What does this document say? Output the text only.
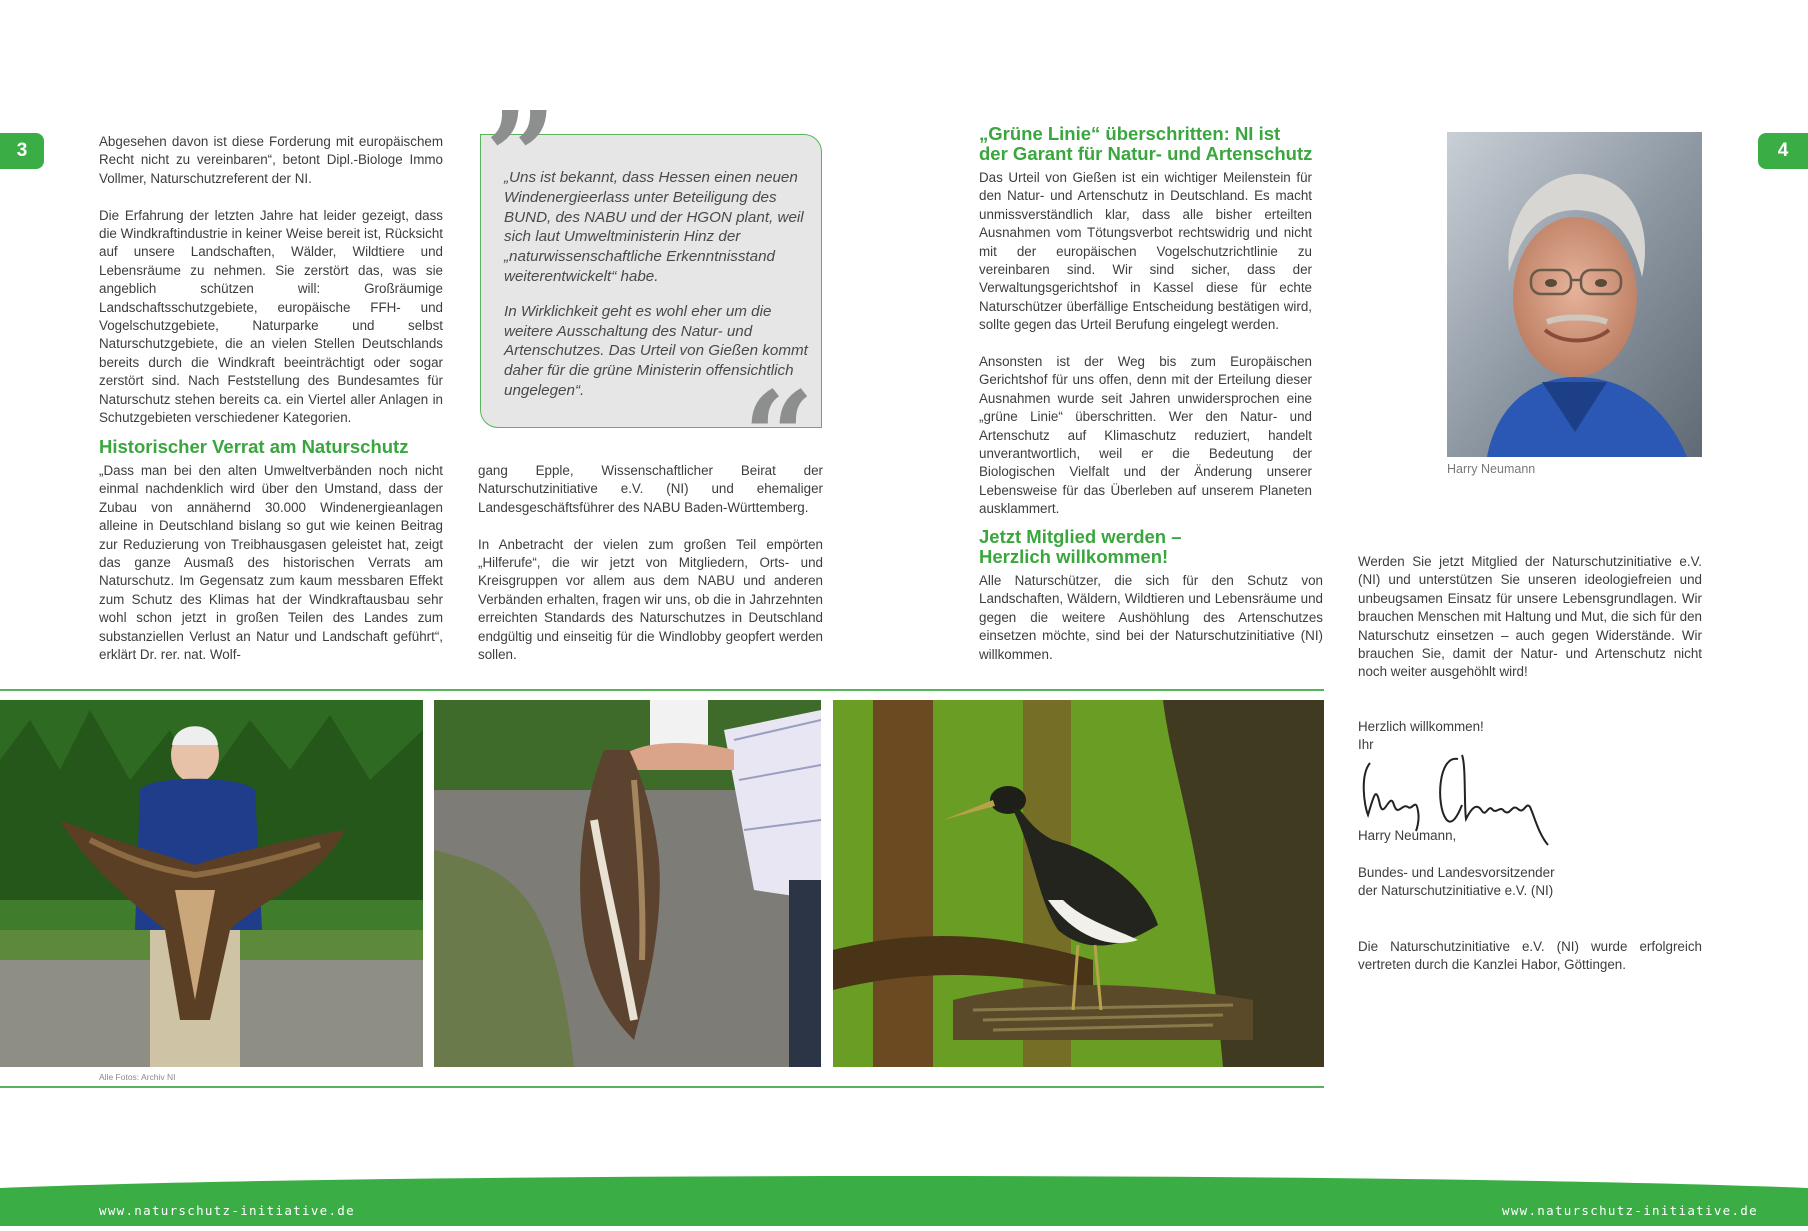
3	4

Abgesehen davon ist diese Forderung mit europäischem Recht nicht zu vereinbaren“, betont Dipl.-Biologe Immo Vollmer, Naturschutzreferent der NI.

Die Erfahrung der letzten Jahre hat leider gezeigt, dass die Windkraftindustrie in keiner Weise bereit ist, Rücksicht auf unsere Landschaften, Wälder, Wildtiere und Lebensräume zu nehmen. Sie zerstört das, was sie angeblich schützen will: Großräumige Landschaftsschutzgebiete, europäische FFH- und Vogelschutzgebiete, Naturparke und selbst Naturschutzgebiete, die an vielen Stellen Deutschlands bereits durch die Windkraft beeinträchtigt oder sogar zerstört sind. Nach Feststellung des Bundesamtes für Naturschutz stehen bereits ca. ein Viertel aller Anlagen in Schutzgebieten verschiedener Kategorien.

Historischer Verrat am Naturschutz

„Dass man bei den alten Umweltverbänden noch nicht einmal nachdenklich wird über den Umstand, dass der Zubau von annähernd 30.000 Windenergieanlagen alleine in Deutschland bislang so gut wie keinen Beitrag zur Reduzierung von Treibhausgasen geleistet hat, zeigt das ganze Ausmaß des historischen Verrats am Naturschutz. Im Gegensatz zum kaum messbaren Effekt zum Schutz des Klimas hat der Windkraftausbau sehr wohl schon jetzt in großen Teilen des Landes zum substanziellen Verlust an Natur und Landschaft geführt“, erklärt Dr. rer. nat. Wolf-

”
“

„Uns ist bekannt, dass Hessen einen neuen Windenergieerlass unter Beteiligung des BUND, des NABU und der HGON plant, weil sich laut Umweltministerin Hinz der „naturwissenschaftliche Erkenntnisstand weiterentwickelt“ habe.

In Wirklichkeit geht es wohl eher um die weitere Ausschaltung des Natur- und Artenschutzes. Das Urteil von Gießen kommt daher für die grüne Ministerin offensichtlich ungelegen“.

gang Epple, Wissenschaftlicher Beirat der Naturschutzinitiative e.V. (NI) und ehemaliger Landesgeschäftsführer des NABU Baden-Württemberg.

In Anbetracht der vielen zum großen Teil empörten „Hilferufe“, die wir jetzt von Mitgliedern, Orts- und Kreisgruppen vor allem aus dem NABU und anderen Verbänden erhalten, fragen wir uns, ob die in Jahrzehnten erreichten Standards des Naturschutzes in Deutschland endgültig und einseitig für die Windlobby geopfert werden sollen.

„Grüne Linie“ überschritten: NI ist
der Garant für Natur- und Artenschutz

Das Urteil von Gießen ist ein wichtiger Meilenstein für den Natur- und Artenschutz in Deutschland. Es macht unmissverständlich klar, dass alle bisher erteilten Ausnahmen vom Tötungsverbot rechtswidrig und nicht mit der europäischen Vogelschutzrichtlinie zu vereinbaren sind. Wir sind sicher, dass der Verwaltungsgerichtshof in Kassel diese für echte Naturschützer überfällige Entscheidung bestätigen wird, sollte gegen das Urteil Berufung eingelegt werden.

Ansonsten ist der Weg bis zum Europäischen Gerichtshof für uns offen, denn mit der Erteilung dieser Ausnahmen wurde seit Jahren unwidersprochen eine „grüne Linie“ überschritten. Wer den Natur- und Artenschutz auf Klimaschutz reduziert, handelt unverantwortlich, weil er die Bedeutung der Biologischen Vielfalt und der Änderung unserer Lebensweise für das Überleben auf unserem Planeten ausklammert.

Jetzt Mitglied werden –
Herzlich willkommen!

Alle Naturschützer, die sich für den Schutz von Landschaften, Wäldern, Wildtieren und Lebensräume und gegen die weitere Aushöhlung des Artenschutzes einsetzen möchte, sind bei der Naturschutzinitiative (NI) willkommen.

Harry Neumann

Werden Sie jetzt Mitglied der Naturschutzinitiative e.V. (NI) und unterstützen Sie unseren ideologiefreien und unbeugsamen Einsatz für unsere Lebensgrundlagen. Wir brauchen Menschen mit Haltung und Mut, die sich für den Naturschutz einsetzen – auch gegen Widerstände. Wir brauchen Sie, damit der Natur- und Artenschutz nicht noch weiter ausgehöhlt wird!

Herzlich willkommen!
Ihr
Harry Neumann,
Bundes- und Landesvorsitzender
der Naturschutzinitiative e.V. (NI)

Die Naturschutzinitiative e.V. (NI) wurde erfolgreich vertreten durch die Kanzlei Habor, Göttingen.

Alle Fotos: Archiv NI
www.naturschutz-initiative.de	www.naturschutz-initiative.de
